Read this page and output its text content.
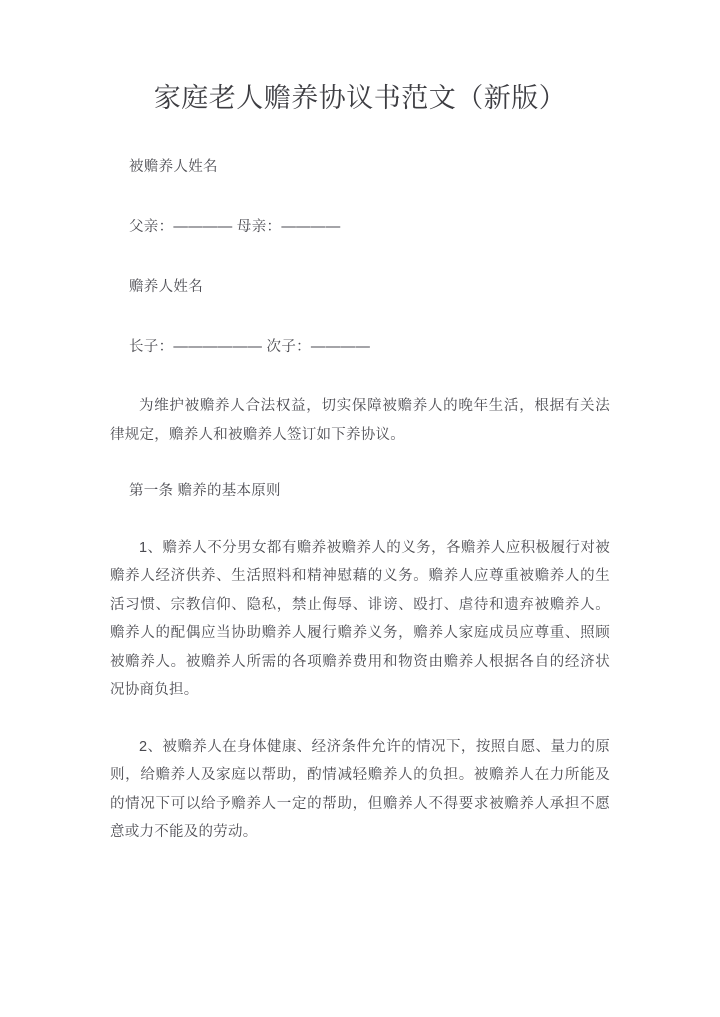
家庭老人赡养协议书范文（新版）

被赡养人姓名

父亲：———— 母亲：————

赡养人姓名

长子：—————— 次子：————

为维护被赡养人合法权益，切实保障被赡养人的晚年生活，根据有关法律规定，赡养人和被赡养人签订如下养协议。

第一条 赡养的基本原则

1、赡养人不分男女都有赡养被赡养人的义务，各赡养人应积极履行对被赡养人经济供养、生活照料和精神慰藉的义务。赡养人应尊重被赡养人的生活习惯、宗教信仰、隐私，禁止侮辱、诽谤、殴打、虐待和遗弃被赡养人。赡养人的配偶应当协助赡养人履行赡养义务，赡养人家庭成员应尊重、照顾被赡养人。被赡养人所需的各项赡养费用和物资由赡养人根据各自的经济状况协商负担。

2、被赡养人在身体健康、经济条件允许的情况下，按照自愿、量力的原则，给赡养人及家庭以帮助，酌情减轻赡养人的负担。被赡养人在力所能及的情况下可以给予赡养人一定的帮助，但赡养人不得要求被赡养人承担不愿意或力不能及的劳动。
